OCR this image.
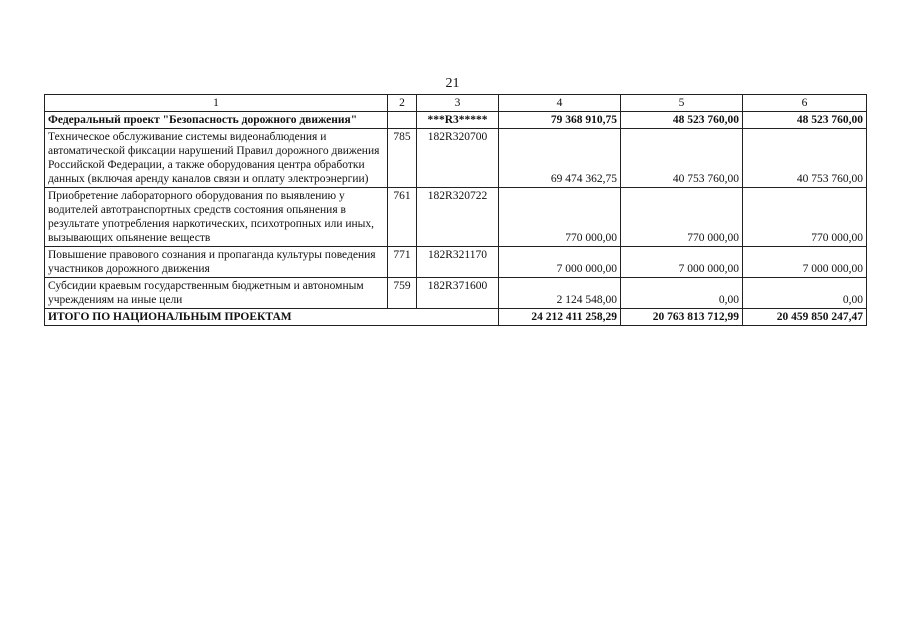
21
1	2	3	4	5	6
Федеральный проект "Безопасность дорожного движения"		***R3*****	79 368 910,75	48 523 760,00	48 523 760,00
Техническое обслуживание системы видеонаблюдения и автоматической фиксации нарушений Правил дорожного движения Российской Федерации, а также оборудования центра обработки данных (включая аренду каналов связи и оплату электроэнергии)	785	182R320700	69 474 362,75	40 753 760,00	40 753 760,00
Приобретение лабораторного оборудования по выявлению у водителей автотранспортных средств состояния опьянения в результате употребления наркотических, психотропных или иных, вызывающих опьянение веществ	761	182R320722	770 000,00	770 000,00	770 000,00
Повышение правового сознания и пропаганда культуры поведения участников дорожного движения	771	182R321170	7 000 000,00	7 000 000,00	7 000 000,00
Субсидии краевым государственным бюджетным и автономным учреждениям на иные цели	759	182R371600	2 124 548,00	0,00	0,00
ИТОГО ПО НАЦИОНАЛЬНЫМ ПРОЕКТАМ			24 212 411 258,29	20 763 813 712,99	20 459 850 247,47
